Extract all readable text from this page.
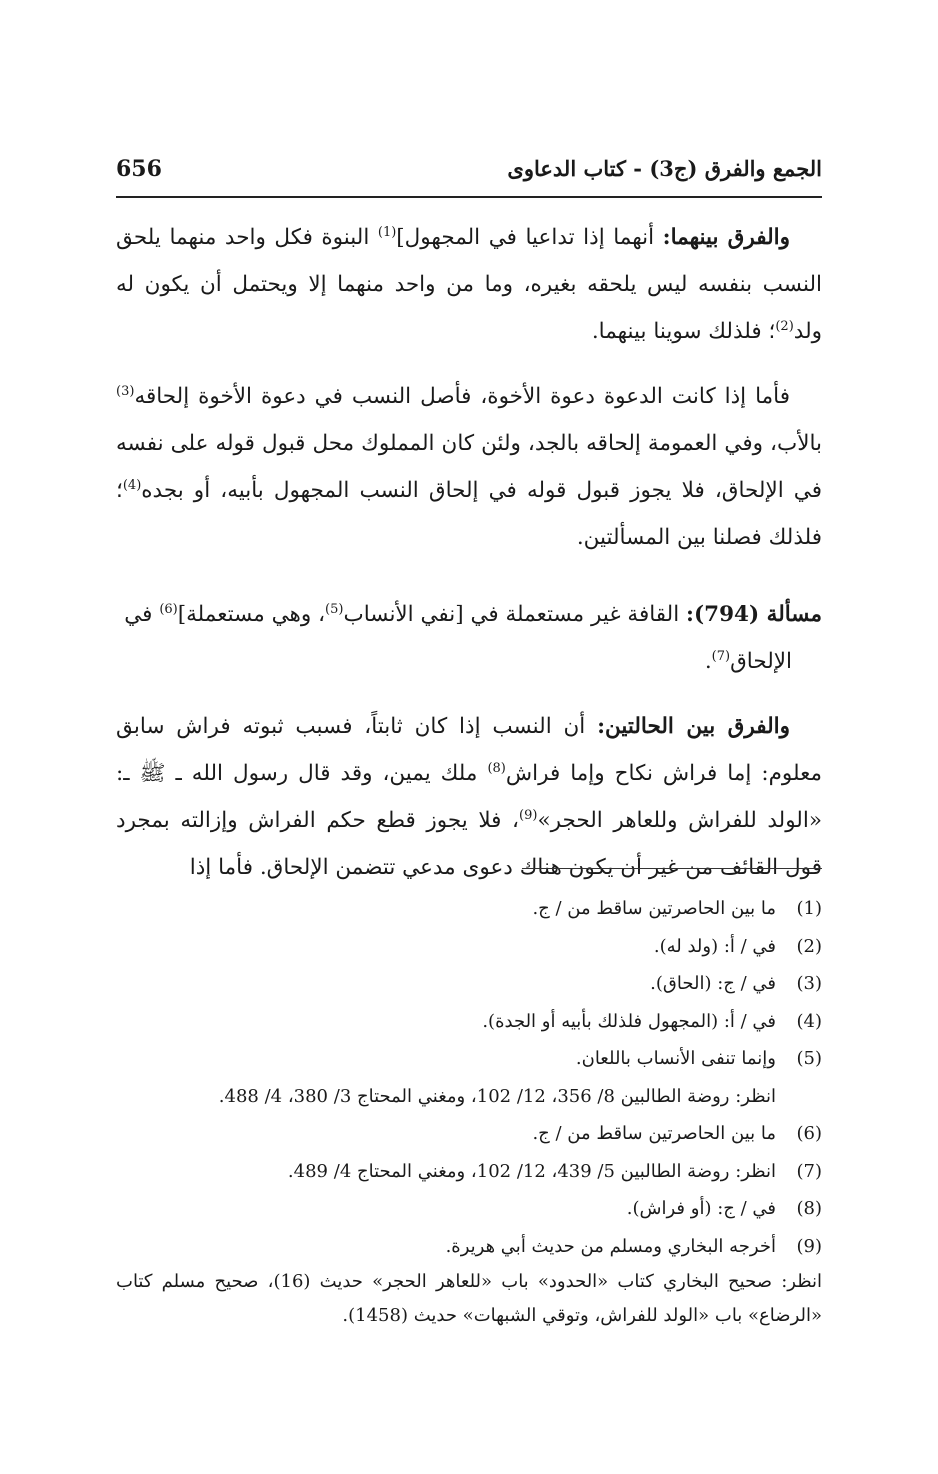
656	الجمع والفرق (ج3) - كتاب الدعاوى

والفرق بينهما: أنهما إذا تداعيا في المجهول]$^{(1)}$ البنوة فكل واحد منهما يلحق النسب بنفسه ليس يلحقه بغيره، وما من واحد منهما إلا ويحتمل أن يكون له ولد$^{(2)}$؛ فلذلك سوينا بينهما.

فأما إذا كانت الدعوة دعوة الأخوة، فأصل النسب في دعوة الأخوة إلحاقه$^{(3)}$ بالأب، وفي العمومة إلحاقه بالجد، ولئن كان المملوك محل قبول قوله على نفسه في الإلحاق، فلا يجوز قبول قوله في إلحاق النسب المجهول بأبيه، أو بجده$^{(4)}$؛ فلذلك فصلنا بين المسألتين.

مسألة (794): القافة غير مستعملة في [نفي الأنساب$^{(5)}$، وهي مستعملة]$^{(6)}$ في

الإلحاق$^{(7)}$.

والفرق بين الحالتين: أن النسب إذا كان ثابتاً، فسبب ثبوته فراش سابق معلوم: إما فراش نكاح وإما فراش$^{(8)}$ ملك يمين، وقد قال رسول الله ـ ﷺ ـ: «الولد للفراش وللعاهر الحجر»$^{(9)}$، فلا يجوز قطع حكم الفراش وإزالته بمجرد قول القائف من غير أن يكون هناك دعوى مدعي تتضمن الإلحاق. فأما إذا

(1)
ما بين الحاصرتين ساقط من / ج.
(2)
في / أ: (ولد له).
(3)
في / ج: (الحاق).
(4)
في / أ: (المجهول فلذلك بأبيه أو الجدة).
(5)
وإنما تنفى الأنساب باللعان.
انظر: روضة الطالبين 8/ 356، 12/ 102، ومغني المحتاج 3/ 380، 4/ 488.
(6)
ما بين الحاصرتين ساقط من / ج.
(7)
انظر: روضة الطالبين 5/ 439، 12/ 102، ومغني المحتاج 4/ 489.
(8)
في / ج: (أو فراش).
(9)
أخرجه البخاري ومسلم من حديث أبي هريرة.
انظر: صحيح البخاري كتاب «الحدود» باب «للعاهر الحجر» حديث (16)، صحيح مسلم كتاب «الرضاع» باب «الولد للفراش، وتوقي الشبهات» حديث (1458).
